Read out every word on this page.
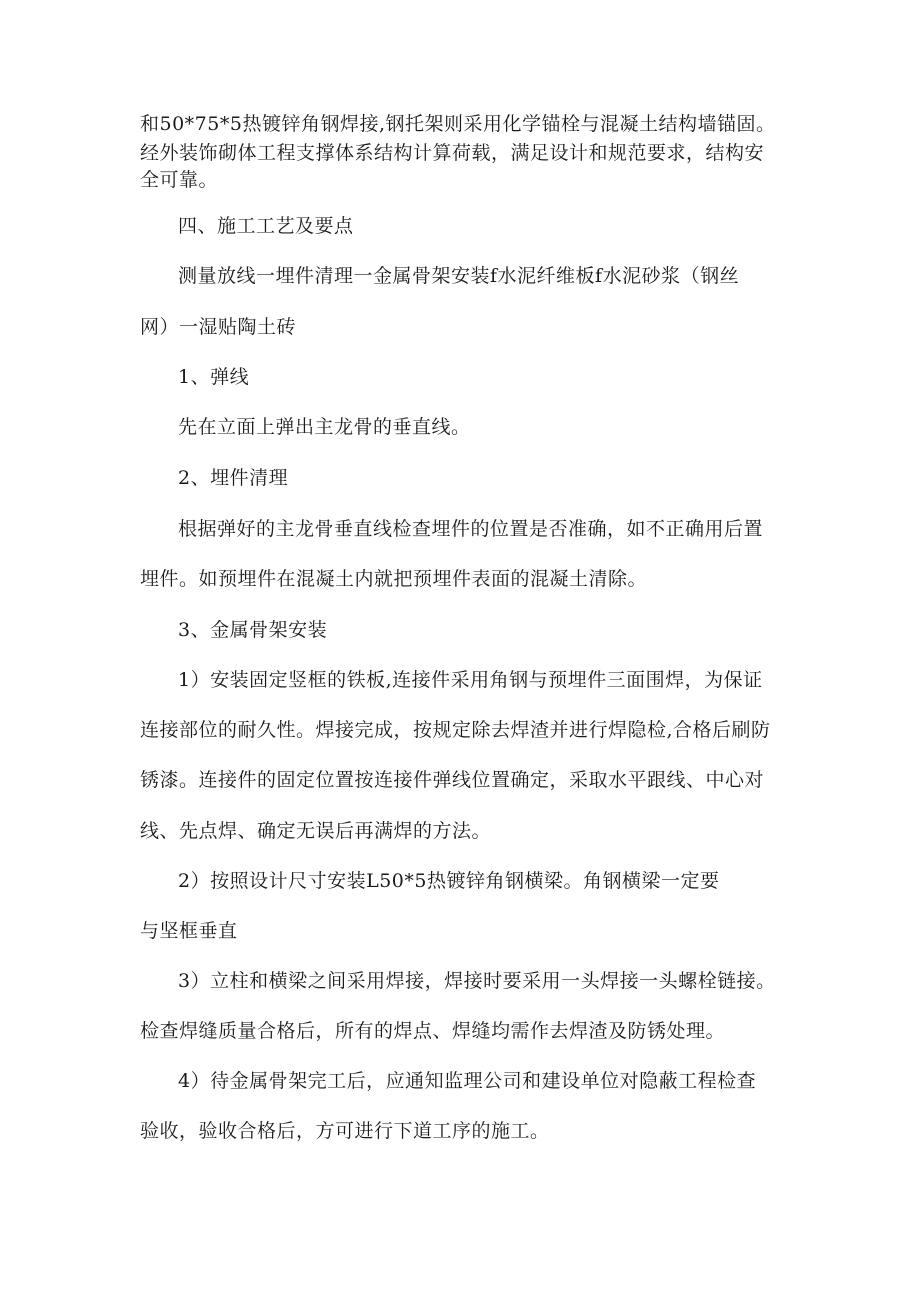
和50*75*5热镀锌角钢焊接,钢托架则采用化学锚栓与混凝土结构墙锚固。
经外装饰砌体工程支撑体系结构计算荷载，满足设计和规范要求，结构安
全可靠。
四、施工工艺及要点
测量放线一埋件清理一金属骨架安装f水泥纤维板f水泥砂浆（钢丝
网）一湿贴陶土砖
1、弹线
先在立面上弹出主龙骨的垂直线。
2、埋件清理
根据弹好的主龙骨垂直线检查埋件的位置是否准确，如不正确用后置
埋件。如预埋件在混凝土内就把预埋件表面的混凝土清除。
3、金属骨架安装
1）安装固定竖框的铁板,连接件采用角钢与预埋件三面围焊，为保证
连接部位的耐久性。焊接完成，按规定除去焊渣并进行焊隐检,合格后刷防
锈漆。连接件的固定位置按连接件弹线位置确定，采取水平跟线、中心对
线、先点焊、确定无误后再满焊的方法。
2）按照设计尺寸安装L50*5热镀锌角钢横梁。角钢横梁一定要
与坚框垂直
3）立柱和横梁之间采用焊接，焊接时要采用一头焊接一头螺栓链接。
检查焊缝质量合格后，所有的焊点、焊缝均需作去焊渣及防锈处理。
4）待金属骨架完工后，应通知监理公司和建设单位对隐蔽工程检查
验收，验收合格后，方可进行下道工序的施工。
